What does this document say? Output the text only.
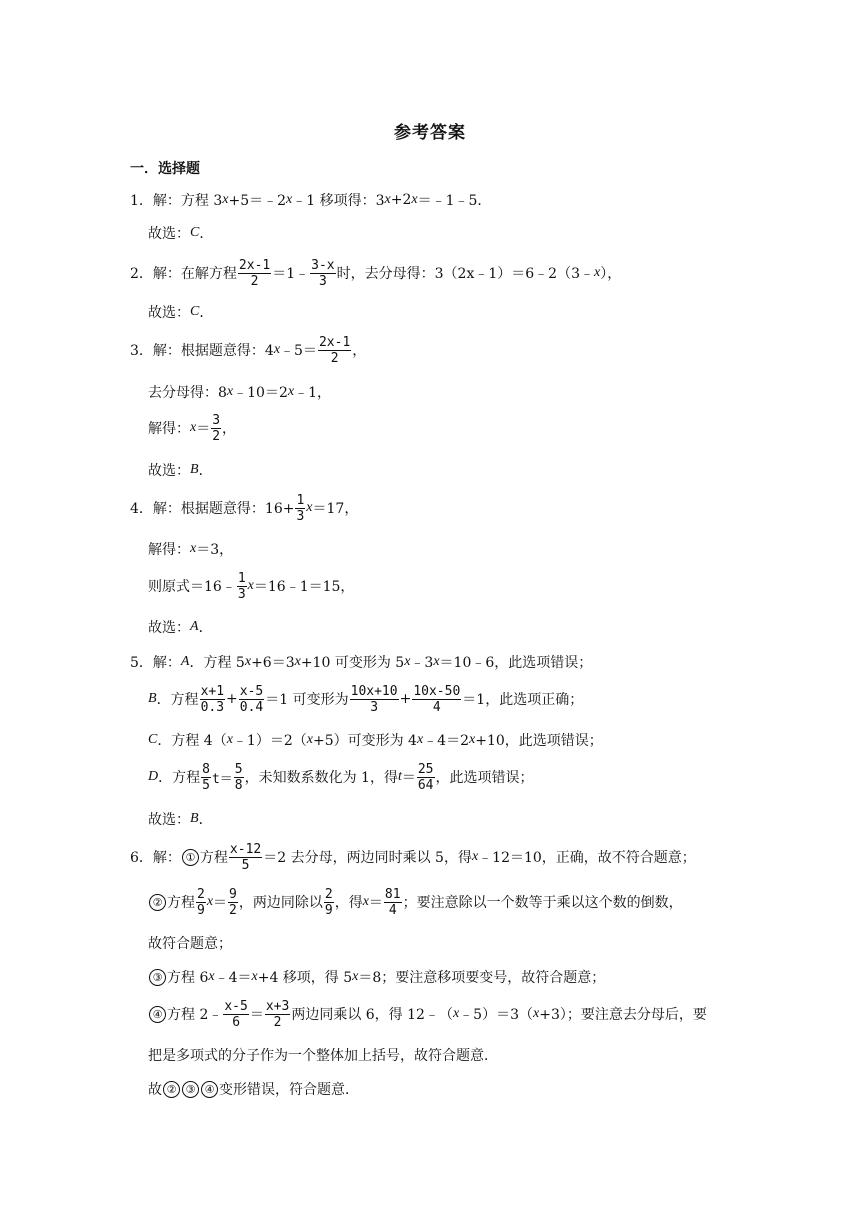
参考答案
一．选择题
1．解：方程 3 x +5＝﹣2 x ﹣1 移项得：3 x +2 x ＝﹣1﹣5．
故选： C ．
2．解：在解方程 $\frac{2x-1}{2}$ ＝1﹣ $\frac{3-x}{3}$ 时，去分母得：3（2x﹣1）＝6﹣2（3﹣ x ），
故选： C ．
3．解：根据题意得：4 x ﹣5＝ $\frac{2x-1}{2}$ ，
去分母得：8 x ﹣10＝2 x ﹣1，
解得： $x = \frac{3}{2}$ ，
故选： B ．
4．解：根据题意得：$16+ \frac{1}{3}$ x ＝17，
解得： x ＝3，
则原式＝16﹣ $\frac{1}{3}$ x ＝16﹣1＝15，
故选： A ．
5．解： A ．方程 5 x +6＝3 x +10 可变形为 5 x ﹣3 x ＝10﹣6，此选项错误；
B ．方程 $\frac{x+1}{0.3} + \frac{x-5}{0.4} =1$ 可变形为 $\frac{10x+10}{3} + \frac{10x-50}{4} =1$，此选项正确；
C ．方程 4（ x ﹣1）＝2（ x +5）可变形为 4 x ﹣4＝2 x +10，此选项错误；
D ．方程 $\frac{8}{5} t= \frac{5}{8}$ ，未知数系数化为 1，得 $t = \frac{25}{64}$ ，此选项错误；
故选： B ．
6．解： ① 方程 $\frac{x-12}{5} =2$ 去分母，两边同时乘以 5，得 x ﹣12＝10，正确，故不符合题意；
② 方程 $\frac{2}{9}$ $x = \frac{9}{2}$ ，两边同除以 $\frac{2}{9}$ ，得 $x = \frac{81}{4}$ ；要注意除以一个数等于乘以这个数的倒数，
故符合题意；
③ 方程 6 x ﹣4＝ x +4 移项，得 5 x ＝8；要注意移项要变号，故符合题意；
④ 方程 2﹣ $\frac{x-5}{6} = \frac{x+3}{2}$ 两边同乘以 6，得 12﹣（ x ﹣5）＝3（ x +3）；要注意去分母后，要
把是多项式的分子作为一个整体加上括号，故符合题意．
故 ② ③ ④ 变形错误，符合题意．
